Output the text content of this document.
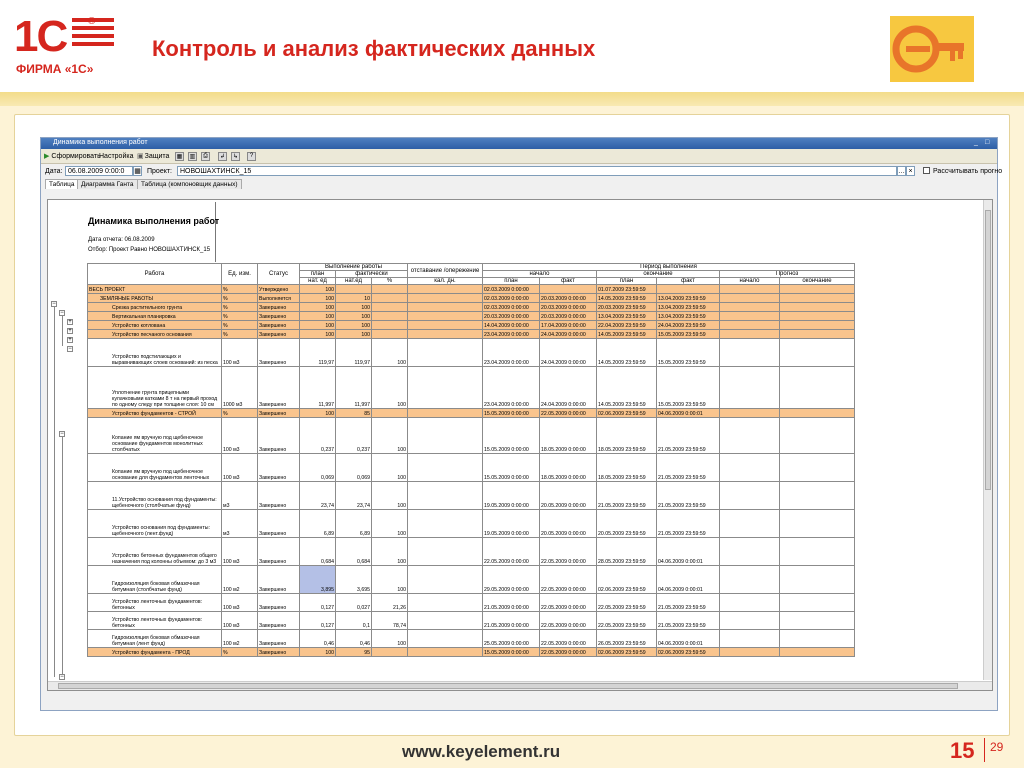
1С ®
ФИРМА «1С»
Контроль и анализ фактических данных
Динамика выполнения работ	_	□
▶ Сформировать
Настройка ▣ Защита ▦ ▥	⎙	↲	↳	?
Дата: 06.08.2009 0:00:0	▦ Проект:	НОВОШАХТИНСК_15	… ×	Рассчитывать прогно
Таблица	Диаграмма Ганта	Таблица (компоновщик данных)
−
−
+
+
+
−
−
−
Динамика выполнения работ
Дата отчета: 06.08.2009
Отбор: Проект Равно НОВОШАХТИНСК_15
Работа	Ед. изм.	Статус	Выполнение работы			отставание /опережение	Период выполнения					
			план	фактически			начало		окончание		Прогноз	
			нат. ед	нат.ед	%	кал. дн.	план	факт	план	факт	начало	окончание
ВЕСЬ ПРОЕКТ	%	Утверждено	100				02.03.2009 0:00:00		01.07.2009 23:59:59			
ЗЕМЛЯНЫЕ РАБОТЫ	%	Выполняется	100	10			02.03.2009 0:00:00	20.03.2009 0:00:00	14.05.2009 23:59:59	13.04.2009 23:59:59		
Срезка растительного грунта	%	Завершено	100	100			02.03.2009 0:00:00	20.03.2009 0:00:00	20.03.2009 23:59:59	13.04.2009 23:59:59		
Вертикальная планировка	%	Завершено	100	100			20.03.2009 0:00:00	20.03.2009 0:00:00	13.04.2009 23:59:59	13.04.2009 23:59:59		
Устройство котлована	%	Завершено	100	100			14.04.2009 0:00:00	17.04.2009 0:00:00	22.04.2009 23:59:59	24.04.2009 23:59:59		
Устройство песчаного основания	%	Завершено	100	100			23.04.2009 0:00:00	24.04.2009 0:00:00	14.05.2009 23:59:59	15.05.2009 23:59:59		
Устройство подстилающих и выравнивающих слоев оснований: из песка	100 м3	Завершено	119,97	119,97	100		23.04.2009 0:00:00	24.04.2009 0:00:00	14.05.2009 23:59:59	15.05.2009 23:59:59		
Уплотнение грунта прицепными кулачковыми катками 8 т на первый проход по одному следу при толщине слоя: 10 см	1000 м3	Завершено	11,997	11,997	100		23.04.2009 0:00:00	24.04.2009 0:00:00	14.05.2009 23:59:59	15.05.2009 23:59:59		
Устройство фундаментов - СТРОЙ	%	Завершено	100	85			15.05.2009 0:00:00	22.05.2009 0:00:00	02.06.2009 23:59:59	04.06.2009 0:00:01		
Копание ям вручную под щебеночное основание фундаментов монолитных столбчатых	100 м3	Завершено	0,237	0,237	100		15.05.2009 0:00:00	18.05.2009 0:00:00	18.05.2009 23:59:59	21.05.2009 23:59:59		
Копание ям вручную под щебеночное основание для фундаментов ленточных	100 м3	Завершено	0,069	0,069	100		15.05.2009 0:00:00	18.05.2009 0:00:00	18.05.2009 23:59:59	21.05.2009 23:59:59		
11.Устройство основания под фундаменты: щебеночного (столбчатые фунд)	м3	Завершено	23,74	23,74	100		19.05.2009 0:00:00	20.05.2009 0:00:00	21.05.2009 23:59:59	21.05.2009 23:59:59		
Устройство основания под фундаменты: щебеночного (лент.фунд)	м3	Завершено	6,89	6,89	100		19.05.2009 0:00:00	20.05.2009 0:00:00	20.05.2009 23:59:59	21.05.2009 23:59:59		
Устройство бетонных фундаментов общего назначения под колонны объемом: до 3 м3	100 м3	Завершено	0,684	0,684	100		22.05.2009 0:00:00	22.05.2009 0:00:00	28.05.2009 23:59:59	04.06.2009 0:00:01		
Гидроизоляция боковая обмазочная битумная (столбчатые фунд)	100 м2	Завершено	3,895	3,695	100		29.05.2009 0:00:00	22.05.2009 0:00:00	02.06.2009 23:59:59	04.06.2009 0:00:01		
Устройство ленточных фундаментов: бетонных	100 м3	Завершено	0,127	0,027	21,26		21.05.2009 0:00:00	22.05.2009 0:00:00	22.05.2009 23:59:59	21.05.2009 23:59:59		
Устройство ленточных фундаментов: бетонных	100 м3	Завершено	0,127	0,1	78,74		21.05.2009 0:00:00	22.05.2009 0:00:00	22.05.2009 23:59:59	21.05.2009 23:59:59		
Гидроизоляция боковая обмазочная битумная (лент фунд)	100 м2	Завершено	0,46	0,46	100		25.05.2009 0:00:00	22.05.2009 0:00:00	26.05.2009 23:59:59	04.06.2009 0:00:01		
Устройство фундамента - ПРОД	%	Завершено	100	95			15.05.2009 0:00:00	22.05.2009 0:00:00	02.06.2009 23:59:59	02.06.2009 23:59:59		
www.keyelement.ru	15 29
